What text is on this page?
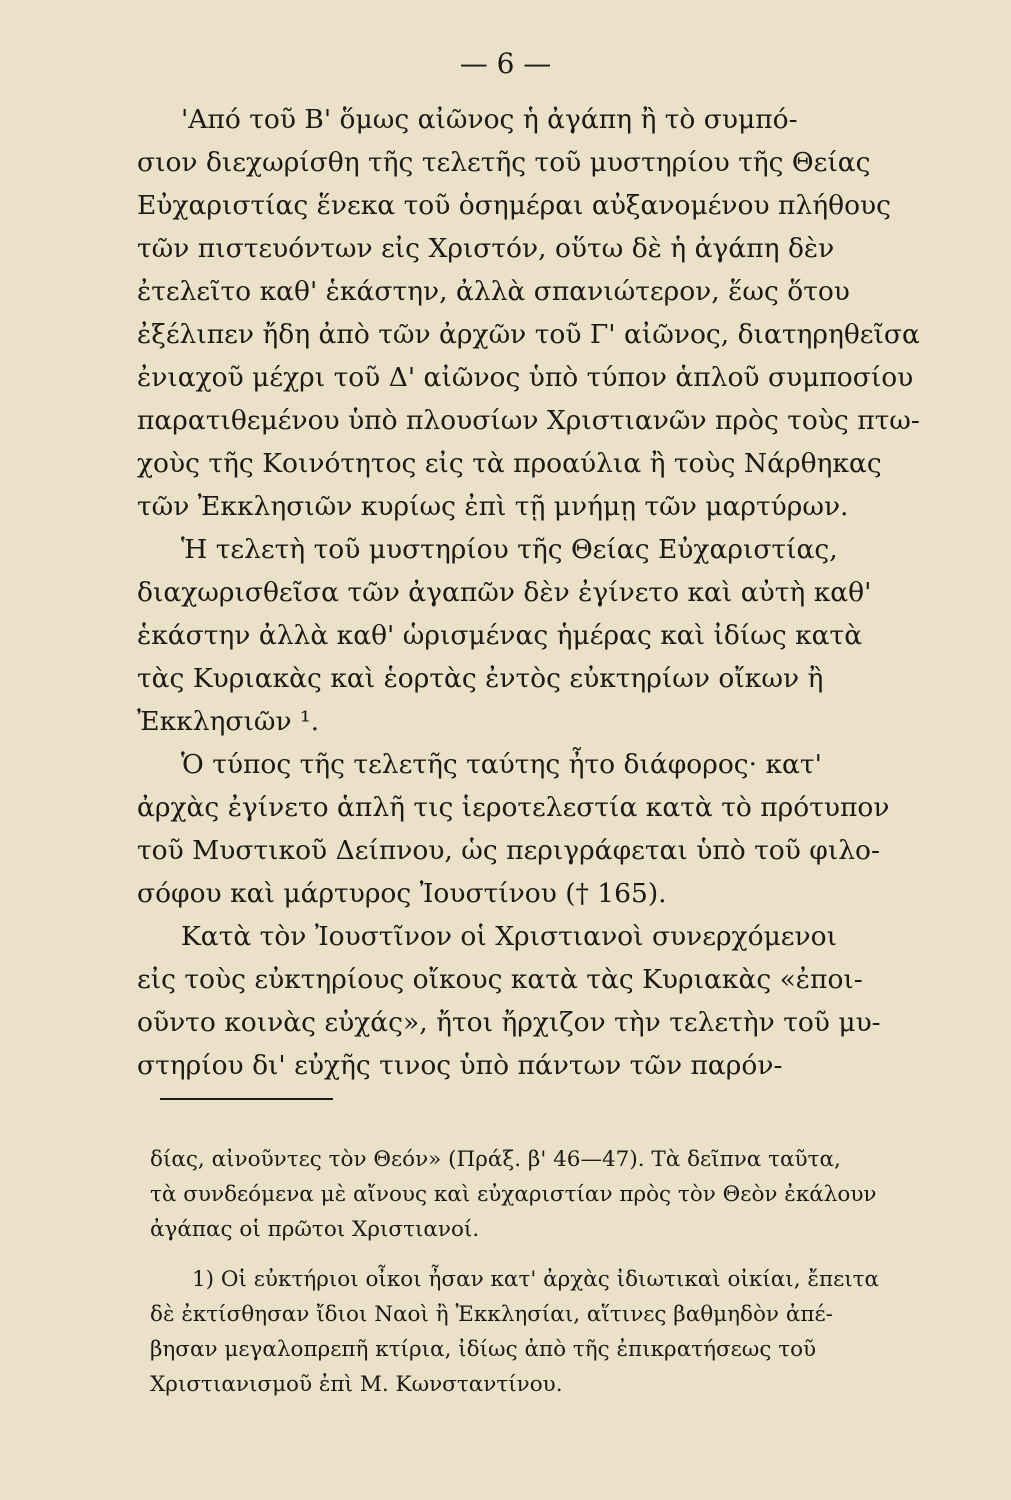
— 6 —
'Από τοῦ Β' ὅμως αἰῶνος ἡ ἀγάπη ἢ τὸ συμπό-
σιον διεχωρίσθη τῆς τελετῆς τοῦ μυστηρίου τῆς Θείας
Εὐχαριστίας ἕνεκα τοῦ ὁσημέραι αὐξανομένου πλήθους
τῶν πιστευόντων εἰς Χριστόν, οὕτω δὲ ἡ ἀγάπη δὲν
ἐτελεῖτο καθ' ἑκάστην, ἀλλὰ σπανιώτερον, ἕως ὅτου
ἐξέλιπεν ἤδη ἀπὸ τῶν ἀρχῶν τοῦ Γ' αἰῶνος, διατηρηθεῖσα
ἐνιαχοῦ μέχρι τοῦ Δ' αἰῶνος ὑπὸ τύπον ἁπλοῦ συμποσίου
παρατιθεμένου ὑπὸ πλουσίων Χριστιανῶν πρὸς τοὺς πτω-
χοὺς τῆς Κοινότητος εἰς τὰ προαύλια ἢ τοὺς Νάρθηκας
τῶν Ἐκκλησιῶν κυρίως ἐπὶ τῇ μνήμῃ τῶν μαρτύρων.
Ἡ τελετὴ τοῦ μυστηρίου τῆς Θείας Εὐχαριστίας,
διαχωρισθεῖσα τῶν ἀγαπῶν δὲν ἐγίνετο καὶ αὐτὴ καθ'
ἑκάστην ἀλλὰ καθ' ὡρισμένας ἡμέρας καὶ ἰδίως κατὰ
τὰς Κυριακὰς καὶ ἑορτὰς ἐντὸς εὐκτηρίων οἴκων ἢ
Ἐκκλησιῶν ¹.
Ὁ τύπος τῆς τελετῆς ταύτης ἦτο διάφορος· κατ'
ἀρχὰς ἐγίνετο ἁπλῆ τις ἱεροτελεστία κατὰ τὸ πρότυπον
τοῦ Μυστικοῦ Δείπνου, ὡς περιγράφεται ὑπὸ τοῦ φιλο-
σόφου καὶ μάρτυρος Ἰουστίνου († 165).
Κατὰ τὸν Ἰουστῖνον οἱ Χριστιανοὶ συνερχόμενοι
εἰς τοὺς εὐκτηρίους οἴκους κατὰ τὰς Κυριακὰς «ἐποι-
οῦντο κοινὰς εὐχάς», ἤτοι ἤρχιζον τὴν τελετὴν τοῦ μυ-
στηρίου δι' εὐχῆς τινος ὑπὸ πάντων τῶν παρόν-
δίας, αἰνοῦντες τὸν Θεόν» (Πράξ. β' 46—47). Τὰ δεῖπνα ταῦτα,
τὰ συνδεόμενα μὲ αἴνους καὶ εὐχαριστίαν πρὸς τὸν Θεὸν ἐκάλουν
ἀγάπας οἱ πρῶτοι Χριστιανοί.
1) Οἱ εὐκτήριοι οἶκοι ἦσαν κατ' ἀρχὰς ἰδιωτικαὶ οἰκίαι, ἔπειτα
δὲ ἐκτίσθησαν ἴδιοι Ναοὶ ἢ Ἐκκλησίαι, αἵτινες βαθμηδὸν ἀπέ-
βησαν μεγαλοπρεπῆ κτίρια, ἰδίως ἀπὸ τῆς ἐπικρατήσεως τοῦ
Χριστιανισμοῦ ἐπὶ Μ. Κωνσταντίνου.
